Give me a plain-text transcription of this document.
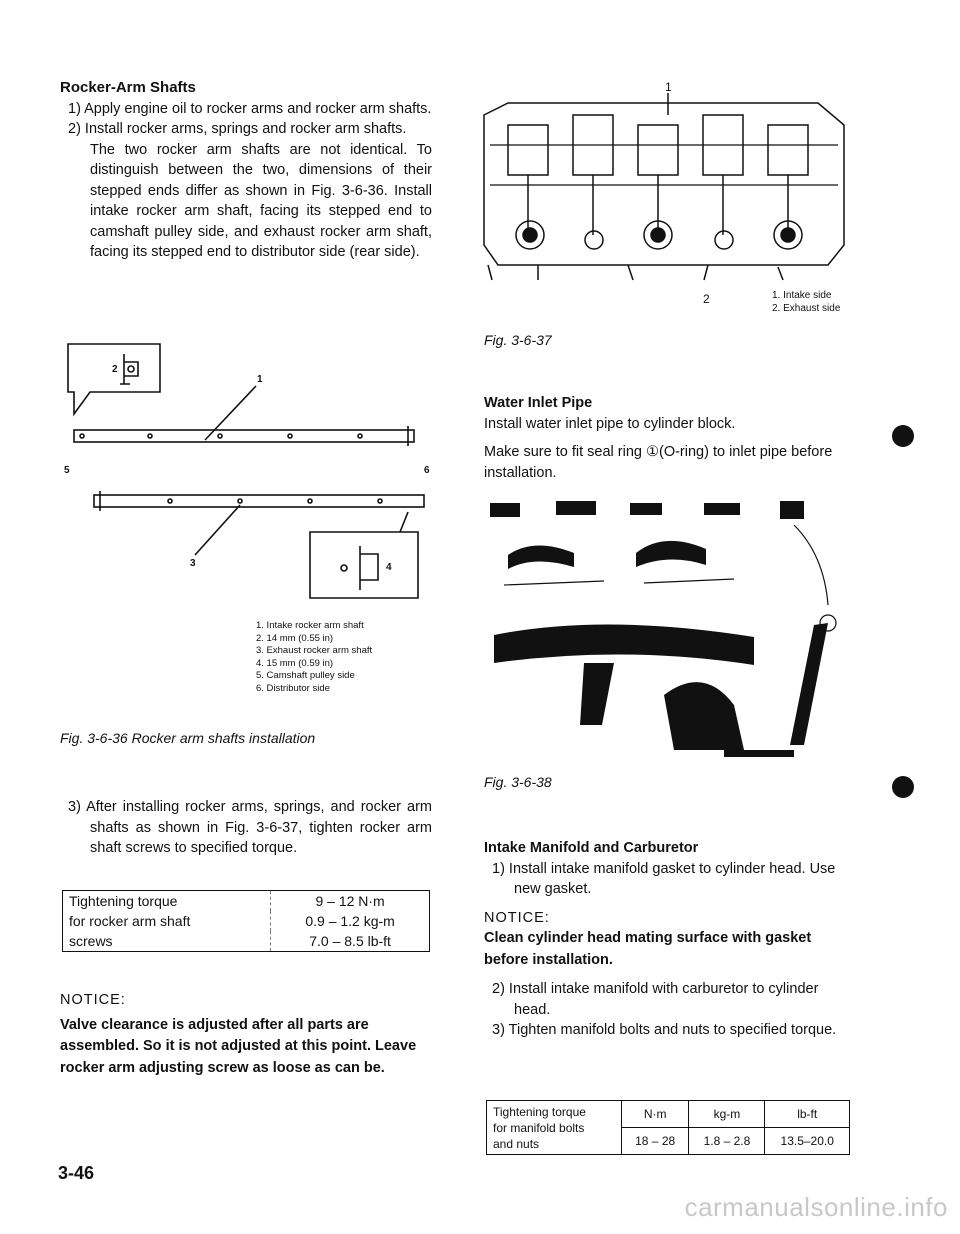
Rocker-Arm Shafts

1) Apply engine oil to rocker arms and rocker arm shafts.

2) Install rocker arms, springs and rocker arm shafts.

The two rocker arm shafts are not identical. To distinguish between the two, dimensions of their stepped ends differ as shown in Fig. 3-6-36. Install intake rocker arm shaft, facing its stepped end to camshaft pulley side, and exhaust rocker arm shaft, facing its stepped end to distributor side (rear side).

1
2
3	4
5	6
1. Intake rocker arm shaft
2. 14 mm (0.55 in)
3. Exhaust rocker arm shaft
4. 15 mm (0.59 in)
5. Camshaft pulley side
6. Distributor side
Fig. 3-6-36 Rocker arm shafts installation

3) After installing rocker arms, springs, and rocker arm shafts as shown in Fig. 3-6-37, tighten rocker arm shaft screws to specified torque.

Tightening torque	9 – 12 N·m
for rocker arm shaft	0.9 – 1.2 kg-m
screws	7.0 – 8.5 lb-ft

NOTICE:

Valve clearance is adjusted after all parts are assembled. So it is not adjusted at this point. Leave rocker arm adjusting screw as loose as can be.

3-46
1
2	1. Intake side
2. Exhaust side
Fig. 3-6-37

Water Inlet Pipe

Install water inlet pipe to cylinder block.

Make sure to fit seal ring ①(O-ring) to inlet pipe before installation.

Fig. 3-6-38

Intake Manifold and Carburetor

1) Install intake manifold gasket to cylinder head. Use new gasket.

NOTICE:

Clean cylinder head mating surface with gasket before installation.

2) Install intake manifold with carburetor to cylinder head.

3) Tighten manifold bolts and nuts to specified torque.

Tightening torque
for manifold bolts
and nuts	N·m	kg-m	lb-ft
	18 – 28	1.8 – 2.8	13.5–20.0
carmanualsonline.info
